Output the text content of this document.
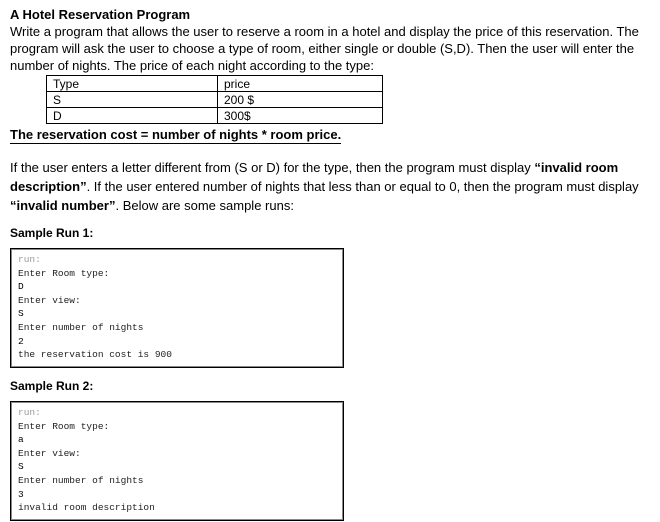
A Hotel Reservation Program

Write a program that allows the user to reserve a room in a hotel and display the price of this reservation. The program will ask the user to choose a type of room, either single or double (S,D). Then the user will enter the number of nights. The price of each night according to the type:

Type	price
S	200 $
D	300$
The reservation cost = number of nights * room price.

If the user enters a letter different from (S or D) for the type, then the program must display “invalid room description”. If the user entered number of nights that less than or equal to 0, then the program must display “invalid number”. Below are some sample runs:

Sample Run 1:

run:
Enter Room type:
D
Enter view:
S
Enter number of nights
2
the reservation cost is 900

Sample Run 2:

run:
Enter Room type:
a
Enter view:
S
Enter number of nights
3
invalid room description
